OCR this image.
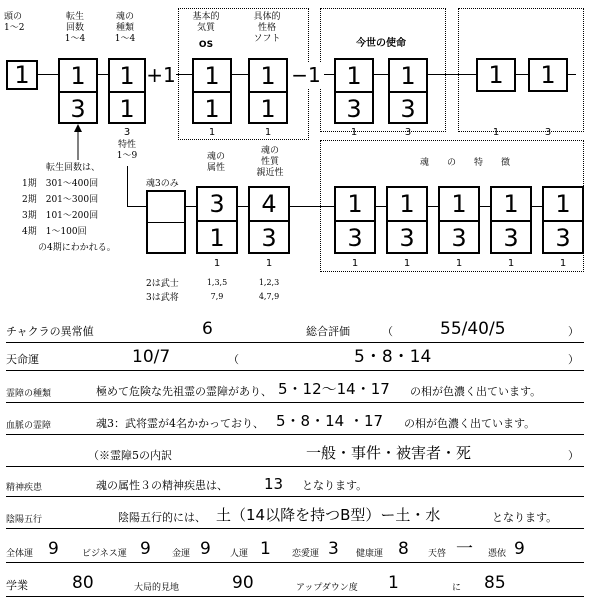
頭の
1〜2
転生
回数
1〜4
魂の
種類
1〜4
基本的
気質
OS
具体的
性格
ソフト	今世の使命
1	1
3
1
1
+1	1
1
1
1
−1	1
3
1
3
1 1
1	1	1	3	1	3
3
特性
1〜9
転生回数は、
1期　301〜400回
2期　201〜300回
3期　101〜200回
4期　1〜100回
の4期にわかれる。
魂3のみ
魂の
属性
魂の
性質
親近性
魂　　の　　特　　徴
3
1
4
3
1
3
1
3
1
3
1
3
1
3
1	1	1	1	1	1	1
2は武士
3は武将
1,3,5
7,9
1,2,3
4,7,9
チャクラの異常値	6	総合評価	（	55/40/5	）
天命運	10/7	（	5・8・14	）
霊障の種類	極めて危険な先祖霊の霊障があり、 5・12〜14・17 の相が色濃く出ています。
血脈の霊障	魂3：武将霊が4名かかっており、 5・8・14 ・17 の相が色濃く出ています。
（※霊障5の内訳	一般・事件・被害者・死	）
精神疾患	魂の属性３の精神疾患は、 13 となります。
陰陽五行	陰陽五行的には、 土（14以降を持つB型）ー土・水	となります。
全体運 9	ビジネス運 9 金運 9 人運 1 恋愛運 3 健康運 8 天啓 一 憑依 9
学業	80	大局的見地	90	アップダウン度 1	に 85
